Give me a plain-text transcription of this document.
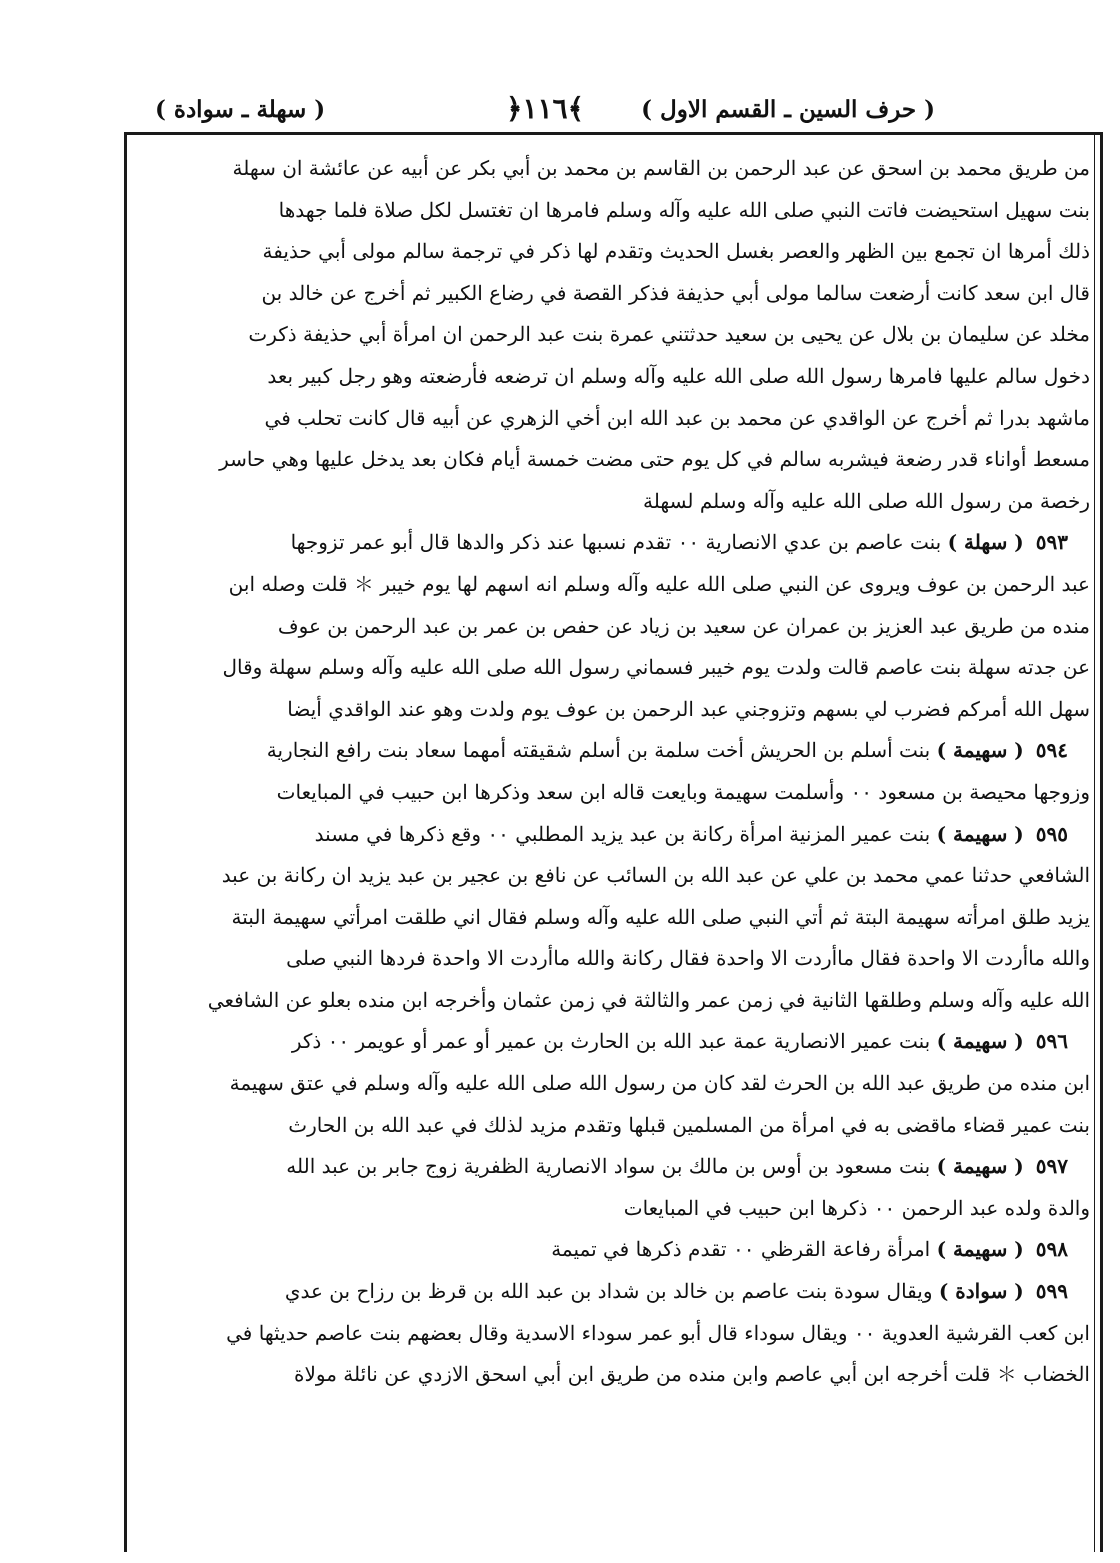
( حرف السين ـ القسم الاول )
﴾١١٦﴿
( سهلة ـ سوادة )
من طريق محمد بن اسحق عن عبد الرحمن بن القاسم بن محمد بن أبي بكر عن أبيه عن عائشة ان سهلة
بنت سهيل استحيضت فاتت النبي صلى الله عليه وآله وسلم فامرها ان تغتسل لكل صلاة فلما جهدها
ذلك أمرها ان تجمع بين الظهر والعصر بغسل الحديث وتقدم لها ذكر في ترجمة سالم مولى أبي حذيفة
قال ابن سعد كانت أرضعت سالما مولى أبي حذيفة فذكر القصة في رضاع الكبير ثم أخرج عن خالد بن
مخلد عن سليمان بن بلال عن يحيى بن سعيد حدثتني عمرة بنت عبد الرحمن ان امرأة أبي حذيفة ذكرت
دخول سالم عليها فامرها رسول الله صلى الله عليه وآله وسلم ان ترضعه فأرضعته وهو رجل كبير بعد
ماشهد بدرا ثم أخرج عن الواقدي عن محمد بن عبد الله ابن أخي الزهري عن أبيه قال كانت تحلب في
مسعط أواناء قدر رضعة فيشربه سالم في كل يوم حتى مضت خمسة أيام فكان بعد يدخل عليها وهي حاسر
رخصة من رسول الله صلى الله عليه وآله وسلم لسهلة
٥٩٣( سهلة ) بنت عاصم بن عدي الانصارية ٠٠ تقدم نسبها عند ذكر والدها قال أبو عمر تزوجها
عبد الرحمن بن عوف ويروى عن النبي صلى الله عليه وآله وسلم انه اسهم لها يوم خيبر ＊ قلت وصله ابن
منده من طريق عبد العزيز بن عمران عن سعيد بن زياد عن حفص بن عمر بن عبد الرحمن بن عوف
عن جدته سهلة بنت عاصم قالت ولدت يوم خيبر فسماني رسول الله صلى الله عليه وآله وسلم سهلة وقال
سهل الله أمركم فضرب لي بسهم وتزوجني عبد الرحمن بن عوف يوم ولدت وهو عند الواقدي أيضا
٥٩٤( سهيمة ) بنت أسلم بن الحريش أخت سلمة بن أسلم شقيقته أمهما سعاد بنت رافع النجارية
وزوجها محيصة بن مسعود ٠٠ وأسلمت سهيمة وبايعت قاله ابن سعد وذكرها ابن حبيب في المبايعات
٥٩٥( سهيمة ) بنت عمير المزنية امرأة ركانة بن عبد يزيد المطلبي ٠٠ وقع ذكرها في مسند
الشافعي حدثنا عمي محمد بن علي عن عبد الله بن السائب عن نافع بن عجير بن عبد يزيد ان ركانة بن عبد
يزيد طلق امرأته سهيمة البتة ثم أتي النبي صلى الله عليه وآله وسلم فقال اني طلقت امرأتي سهيمة البتة
والله ماأردت الا واحدة فقال ماأردت الا واحدة فقال ركانة والله ماأردت الا واحدة فردها النبي صلى
الله عليه وآله وسلم وطلقها الثانية في زمن عمر والثالثة في زمن عثمان وأخرجه ابن منده بعلو عن الشافعي
٥٩٦( سهيمة ) بنت عمير الانصارية عمة عبد الله بن الحارث بن عمير أو عمر أو عويمر ٠٠ ذكر
ابن منده من طريق عبد الله بن الحرث لقد كان من رسول الله صلى الله عليه وآله وسلم في عتق سهيمة
بنت عمير قضاء ماقضى به في امرأة من المسلمين قبلها وتقدم مزيد لذلك في عبد الله بن الحارث
٥٩٧( سهيمة ) بنت مسعود بن أوس بن مالك بن سواد الانصارية الظفرية زوج جابر بن عبد الله
والدة ولده عبد الرحمن ٠٠ ذكرها ابن حبيب في المبايعات
٥٩٨( سهيمة ) امرأة رفاعة القرظي ٠٠ تقدم ذكرها في تميمة
٥٩٩( سوادة ) ويقال سودة بنت عاصم بن خالد بن شداد بن عبد الله بن قرظ بن رزاح بن عدي
ابن كعب القرشية العدوية ٠٠ ويقال سوداء قال أبو عمر سوداء الاسدية وقال بعضهم بنت عاصم حديثها في
الخضاب ＊ قلت أخرجه ابن أبي عاصم وابن منده من طريق ابن أبي اسحق الازدي عن نائلة مولاة
